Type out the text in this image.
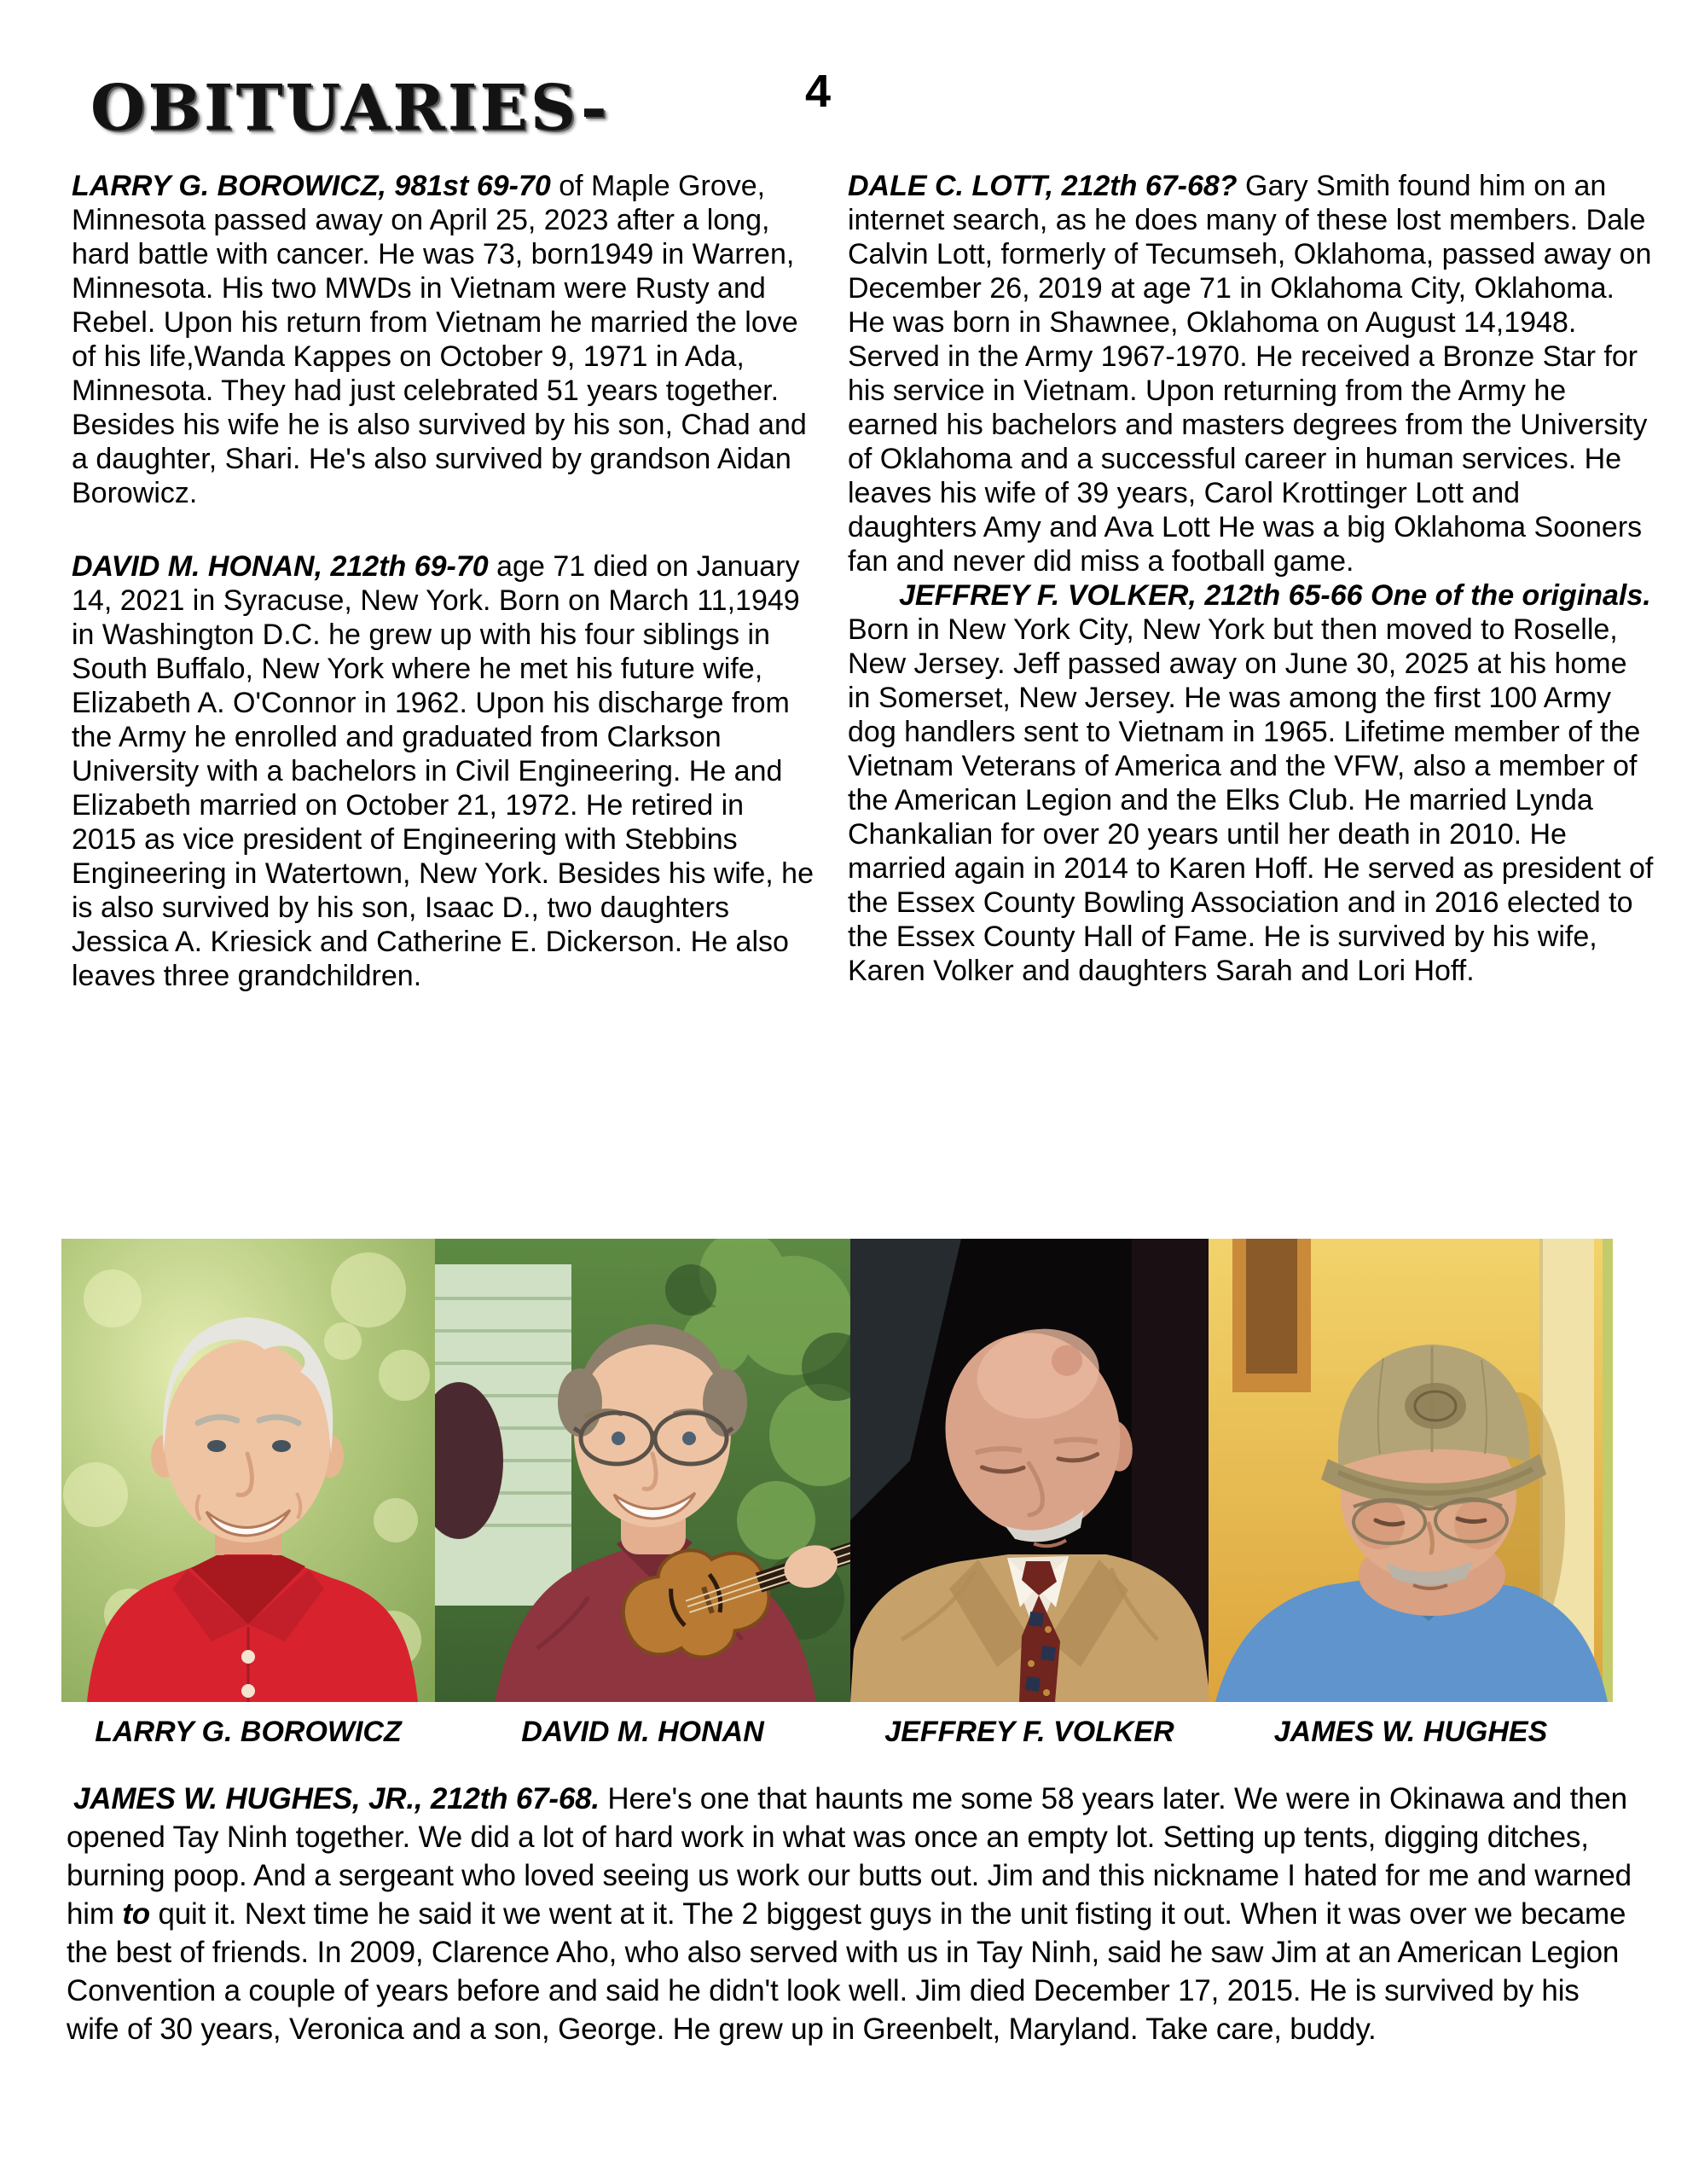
OBITUARIES-	4

LARRY G. BOROWICZ, 981st 69-70 of Maple Grove, Minnesota passed away on April 25, 2023 after a long, hard battle with cancer. He was 73, born1949 in Warren, Minnesota. His two MWDs in Vietnam were Rusty and Rebel. Upon his return from Vietnam he married the love of his life,Wanda Kappes on October 9, 1971 in Ada, Minnesota. They had just celebrated 51 years together. Besides his wife he is also survived by his son, Chad and a daughter, Shari. He's also survived by grandson Aidan Borowicz.

DAVID M. HONAN, 212th 69-70 age 71 died on January 14, 2021 in Syracuse, New York. Born on March 11,1949 in Washington D.C. he grew up with his four siblings in South Buffalo, New York where he met his future wife, Elizabeth A. O'Connor in 1962. Upon his discharge from the Army he enrolled and graduated from Clarkson University with a bachelors in Civil Engineering. He and Elizabeth married on October 21, 1972. He retired in 2015 as vice president of Engineering with Stebbins Engineering in Watertown, New York. Besides his wife, he is also survived by his son, Isaac D., two daughters Jessica A. Kriesick and Catherine E. Dickerson. He also leaves three grandchildren.

DALE C. LOTT, 212th 67-68? Gary Smith found him on an internet search, as he does many of these lost members. Dale Calvin Lott, formerly of Tecumseh, Oklahoma, passed away on December 26, 2019 at age 71 in Oklahoma City, Oklahoma. He was born in Shawnee, Oklahoma on August 14,1948. Served in the Army 1967-1970. He received a Bronze Star for his service in Vietnam. Upon returning from the Army he earned his bachelors and masters degrees from the University of Oklahoma and a successful career in human services. He leaves his wife of 39 years, Carol Krottinger Lott and daughters Amy and Ava Lott He was a big Oklahoma Sooners fan and never did miss a football game.

JEFFREY F. VOLKER, 212th 65-66 One of the originals. Born in New York City, New York but then moved to Roselle, New Jersey. Jeff passed away on June 30, 2025 at his home in Somerset, New Jersey. He was among the first 100 Army dog handlers sent to Vietnam in 1965. Lifetime member of the Vietnam Veterans of America and the VFW, also a member of the American Legion and the Elks Club. He married Lynda Chankalian for over 20 years until her death in 2010. He married again in 2014 to Karen Hoff. He served as president of the Essex County Bowling Association and in 2016 elected to the Essex County Hall of Fame. He is survived by his wife, Karen Volker and daughters Sarah and Lori Hoff.

LARRY G. BOROWICZ	DAVID M. HONAN	JEFFREY F. VOLKER	JAMES W. HUGHES

JAMES W. HUGHES, JR., 212th 67-68. Here's one that haunts me some 58 years later. We were in Okinawa and then opened Tay Ninh together. We did a lot of hard work in what was once an empty lot. Setting up tents, digging ditches, burning poop. And a sergeant who loved seeing us work our butts out. Jim and this nickname I hated for me and warned him to quit it. Next time he said it we went at it. The 2 biggest guys in the unit fisting it out. When it was over we became the best of friends. In 2009, Clarence Aho, who also served with us in Tay Ninh, said he saw Jim at an American Legion Convention a couple of years before and said he didn't look well. Jim died December 17, 2015. He is survived by his wife of 30 years, Veronica and a son, George. He grew up in Greenbelt, Maryland. Take care, buddy.
